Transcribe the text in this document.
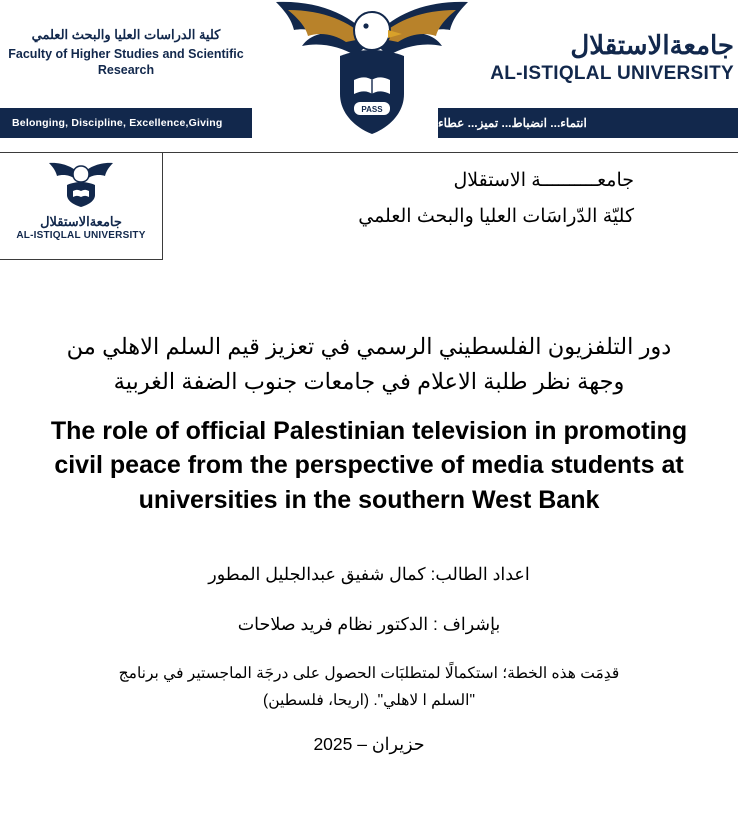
كلية الدراسات العليا والبحث العلمي
Faculty of Higher Studies and Scientific Research
Belonging, Discipline, Excellence,Giving
PASS
جامعةالاستقلال
AL-ISTIQLAL UNIVERSITY
انتماء... انضباط... تميز... عطاء
جامعةالاستقلال
AL-ISTIQLAL UNIVERSITY
جامعــــــــــة الاستقلال
كليّة الدّراسَات العليا والبحث العلمي
دور التلفزيون الفلسطيني الرسمي في تعزيز قيم السلم الاهلي من وجهة نظر طلبة الاعلام في جامعات جنوب الضفة الغربية
The role of official Palestinian television in promoting civil peace from the perspective of media students at universities in the southern West Bank
اعداد الطالب: كمال شفيق عبدالجليل المطور
بإشراف : الدكتور نظام فريد صلاحات
قدِمَت هذه الخطة؛ استكمالًا لمتطلبَات الحصول على درجَة الماجستير في برنامج "السلم ا لاهلي". (اريحا، فلسطين)
حزيران – 2025
